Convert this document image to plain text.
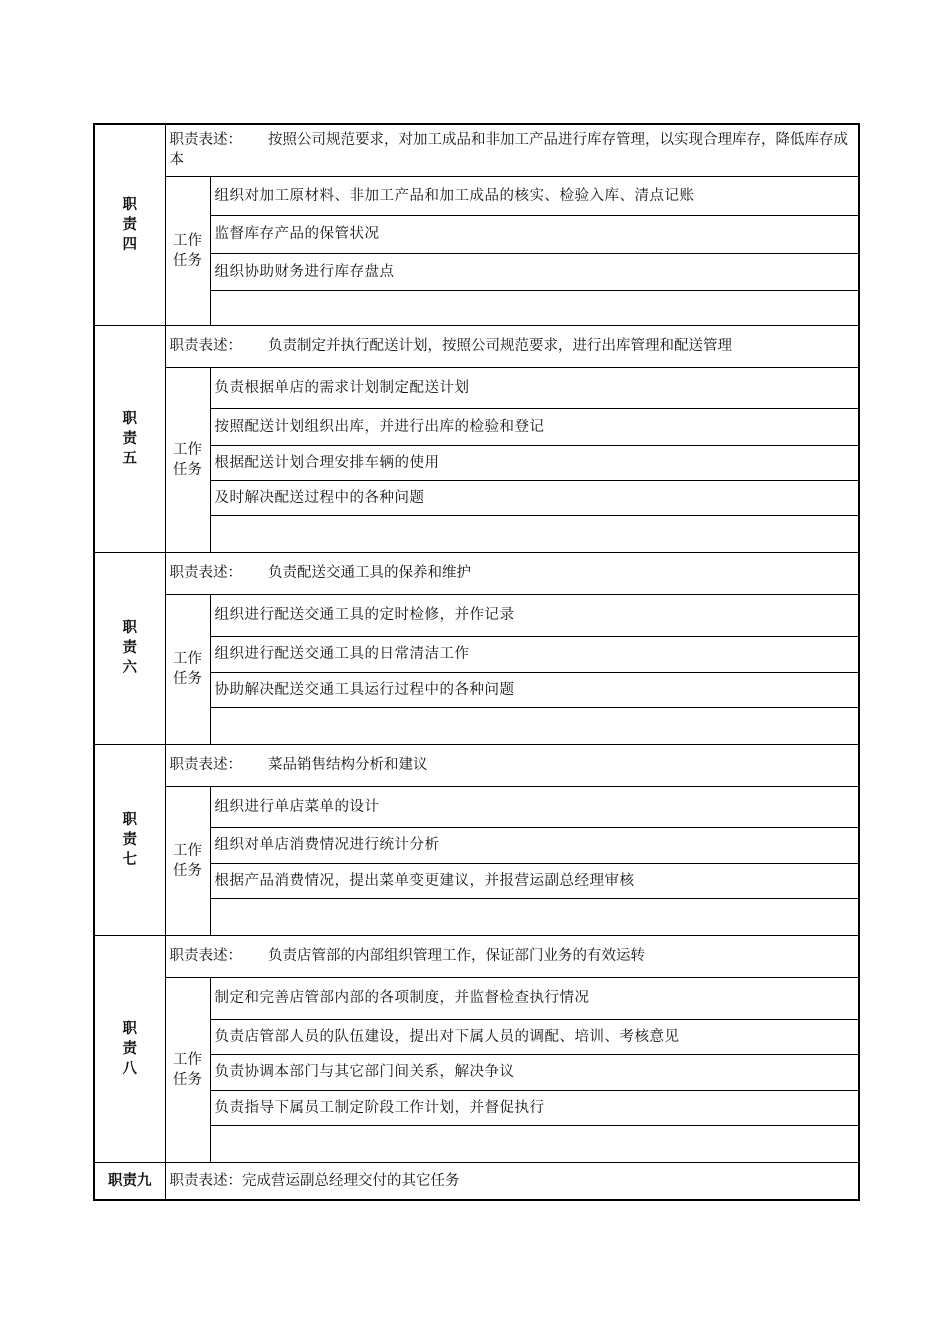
职责四	职责表述： 按照公司规范要求，对加工成品和非加工产品进行库存管理，以实现合理库存，降低库存成本	
	工作任务	组织对加工原材料、非加工产品和加工成品的核实、检验入库、清点记账
		监督库存产品的保管状况
		组织协助财务进行库存盘点

职责五	职责表述： 负责制定并执行配送计划，按照公司规范要求，进行出库管理和配送管理	
	工作任务	负责根据单店的需求计划制定配送计划
		按照配送计划组织出库，并进行出库的检验和登记
		根据配送计划合理安排车辆的使用
		及时解决配送过程中的各种问题

职责六	职责表述： 负责配送交通工具的保养和维护	
	工作任务	组织进行配送交通工具的定时检修，并作记录
		组织进行配送交通工具的日常清洁工作
		协助解决配送交通工具运行过程中的各种问题

职责七	职责表述： 菜品销售结构分析和建议	
	工作任务	组织进行单店菜单的设计
		组织对单店消费情况进行统计分析
		根据产品消费情况，提出菜单变更建议，并报营运副总经理审核

职责八	职责表述： 负责店管部的内部组织管理工作，保证部门业务的有效运转	
	工作任务	制定和完善店管部内部的各项制度，并监督检查执行情况
		负责店管部人员的队伍建设，提出对下属人员的调配、培训、考核意见
		负责协调本部门与其它部门间关系，解决争议
		负责指导下属员工制定阶段工作计划，并督促执行

职责九	职责表述：完成营运副总经理交付的其它任务	
